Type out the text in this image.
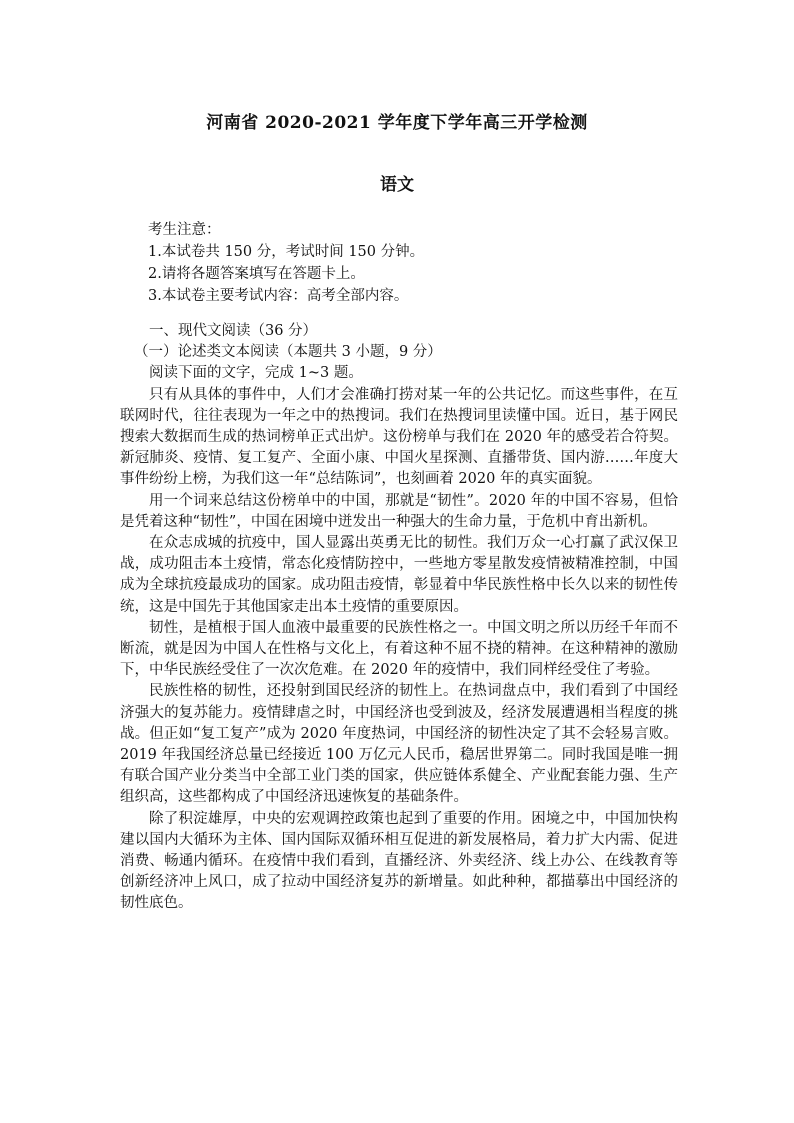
河南省 2020-2021 学年度下学年高三开学检测
语文
考生注意：
1.本试卷共 150 分，考试时间 150 分钟。
2.请将各题答案填写在答题卡上。
3.本试卷主要考试内容：高考全部内容。
一、现代文阅读（36 分）
（一）论述类文本阅读（本题共 3 小题，9 分）

阅读下面的文字，完成 1~3 题。

只有从具体的事件中，人们才会准确打捞对某一年的公共记忆。而这些事件，在互联网时代，往往表现为一年之中的热搜词。我们在热搜词里读懂中国。近日，基于网民搜索大数据而生成的热词榜单正式出炉。这份榜单与我们在 2020 年的感受若合符契。新冠肺炎、疫情、复工复产、全面小康、中国火星探测、直播带货、国内游……年度大事件纷纷上榜，为我们这一年“总结陈词”，也刻画着 2020 年的真实面貌。

用一个词来总结这份榜单中的中国，那就是“韧性”。2020 年的中国不容易，但恰是凭着这种“韧性”，中国在困境中迸发出一种强大的生命力量，于危机中育出新机。

在众志成城的抗疫中，国人显露出英勇无比的韧性。我们万众一心打赢了武汉保卫战，成功阻击本土疫情，常态化疫情防控中，一些地方零星散发疫情被精准控制，中国成为全球抗疫最成功的国家。成功阻击疫情，彰显着中华民族性格中长久以来的韧性传统，这是中国先于其他国家走出本土疫情的重要原因。

韧性，是植根于国人血液中最重要的民族性格之一。中国文明之所以历经千年而不断流，就是因为中国人在性格与文化上，有着这种不屈不挠的精神。在这种精神的激励下，中华民族经受住了一次次危难。在 2020 年的疫情中，我们同样经受住了考验。

民族性格的韧性，还投射到国民经济的韧性上。在热词盘点中，我们看到了中国经济强大的复苏能力。疫情肆虐之时，中国经济也受到波及，经济发展遭遇相当程度的挑战。但正如“复工复产”成为 2020 年度热词，中国经济的韧性决定了其不会轻易言败。2019 年我国经济总量已经接近 100 万亿元人民币，稳居世界第二。同时我国是唯一拥有联合国产业分类当中全部工业门类的国家，供应链体系健全、产业配套能力强、生产组织高，这些都构成了中国经济迅速恢复的基础条件。

除了积淀雄厚，中央的宏观调控政策也起到了重要的作用。困境之中，中国加快构建以国内大循环为主体、国内国际双循环相互促进的新发展格局，着力扩大内需、促进消费、畅通内循环。在疫情中我们看到，直播经济、外卖经济、线上办公、在线教育等创新经济冲上风口，成了拉动中国经济复苏的新增量。如此种种，都描摹出中国经济的韧性底色。
